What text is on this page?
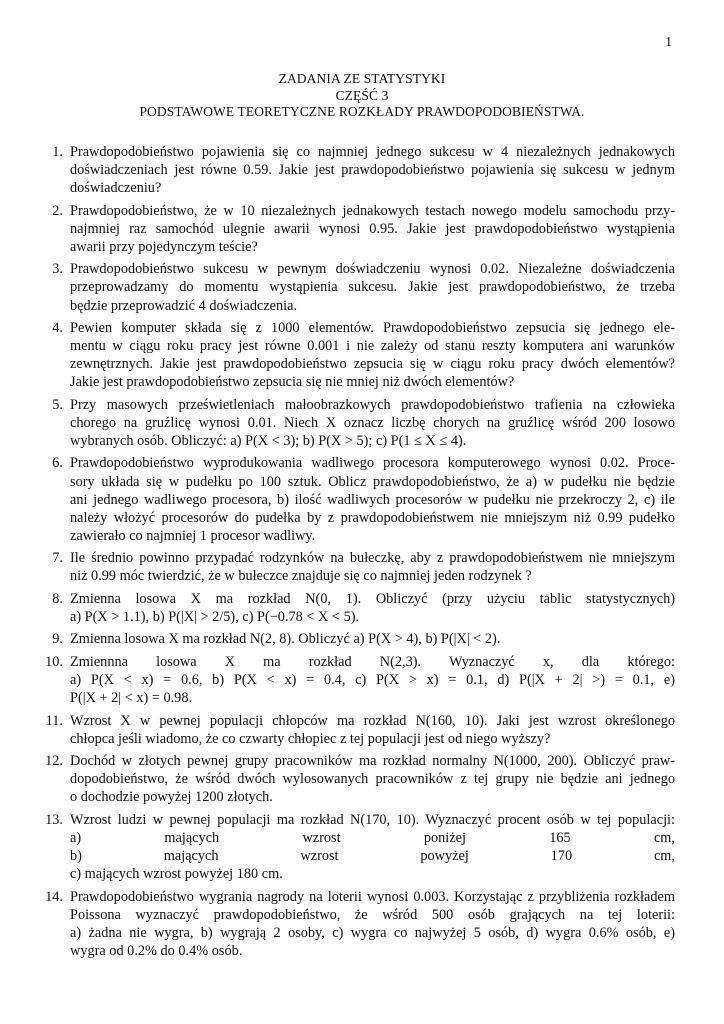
1
ZADANIA ZE STATYSTYKI
CZĘŚĆ 3
PODSTAWOWE TEORETYCZNE ROZKŁADY PRAWDOPODOBIEŃSTWA.
1. Prawdopodobieństwo pojawienia się co najmniej jednego sukcesu w 4 niezależnych jednakowych
doświadczeniach jest równe 0.59. Jakie jest prawdopodobieństwo pojawienia się sukcesu w jednym
doświadczeniu?
2. Prawdopodobieństwo, że w 10 niezależnych jednakowych testach nowego modelu samochodu przy-
najmniej raz samochód ulegnie awarii wynosi 0.95. Jakie jest prawdopodobieństwo wystąpienia
awarii przy pojedynczym teście?
3. Prawdopodobieństwo sukcesu w pewnym doświadczeniu wynosi 0.02. Niezależne doświadczenia
przeprowadzamy do momentu wystąpienia sukcesu. Jakie jest prawdopodobieństwo, że trzeba
będzie przeprowadzić 4 doświadczenia.
4. Pewien komputer składa się z 1000 elementów. Prawdopodobieństwo zepsucia się jednego ele-
mentu w ciągu roku pracy jest równe 0.001 i nie zależy od stanu reszty komputera ani warunków
zewnętrznych. Jakie jest prawdopodobieństwo zepsucia się w ciągu roku pracy dwóch elementów?
Jakie jest prawdopodobieństwo zepsucia się nie mniej niż dwóch elementów?
5. Przy masowych prześwietleniach małoobrazkowych prawdopodobieństwo trafienia na człowieka
chorego na gruźlicę wynosi 0.01. Niech X oznacz liczbę chorych na gruźlicę wśród 200 losowo
wybranych osób. Obliczyć: a) P(X < 3); b) P(X > 5); c) P(1 ≤ X ≤ 4).
6. Prawdopodobieństwo wyprodukowania wadliwego procesora komputerowego wynosi 0.02. Proce-
sory układa się w pudełku po 100 sztuk. Oblicz prawdopodobieństwo, że a) w pudełku nie będzie
ani jednego wadliwego procesora, b) ilość wadliwych procesorów w pudełku nie przekroczy 2, c) ile
należy włożyć procesorów do pudełka by z prawdopodobieństwem nie mniejszym niż 0.99 pudełko
zawierało co najmniej 1 procesor wadliwy.
7. Ile średnio powinno przypadać rodzynków na bułeczkę, aby z prawdopodobieństwem nie mniejszym
niż 0.99 móc twierdzić, że w bułeczce znajduje się co najmniej jeden rodzynek ?
8. Zmienna losowa X ma rozkład N(0, 1). Obliczyć (przy użyciu tablic statystycznych)
a) P(X > 1.1), b) P(|X| > 2/5), c) P(−0.78 < X < 5).
9. Zmienna losowa X ma rozkład N(2, 8). Obliczyć a) P(X > 4), b) P(|X| < 2).
10. Zmiennna losowa X ma rozkład N(2,3). Wyznaczyć x, dla którego:
a) P(X < x) = 0.6, b) P(X < x) = 0.4, c) P(X > x) = 0.1, d) P(|X + 2| >) = 0.1, e)
P(|X + 2| < x) = 0.98.
11. Wzrost X w pewnej populacji chłopców ma rozkład N(160, 10). Jaki jest wzrost określonego
chłopca jeśli wiadomo, że co czwarty chłopiec z tej populacji jest od niego wyższy?
12. Dochód w złotych pewnej grupy pracowników ma rozkład normalny N(1000, 200). Obliczyć praw-
dopodobieństwo, że wśród dwóch wylosowanych pracowników z tej grupy nie będzie ani jednego
o dochodzie powyżej 1200 złotych.
13. Wzrost ludzi w pewnej populacji ma rozkład N(170, 10). Wyznaczyć procent osób w tej populacji:
a) mających wzrost poniżej 165 cm,
b) mających wzrost powyżej 170 cm,
c) mających wzrost powyżej 180 cm.
14. Prawdopodobieństwo wygrania nagrody na loterii wynosi 0.003. Korzystając z przybliżenia rozkładem
Poissona wyznaczyć prawdopodobieństwo, że wśród 500 osób grających na tej loterii:
a) żadna nie wygra, b) wygrają 2 osoby, c) wygra co najwyżej 5 osób, d) wygra 0.6% osób, e)
wygra od 0.2% do 0.4% osób.
